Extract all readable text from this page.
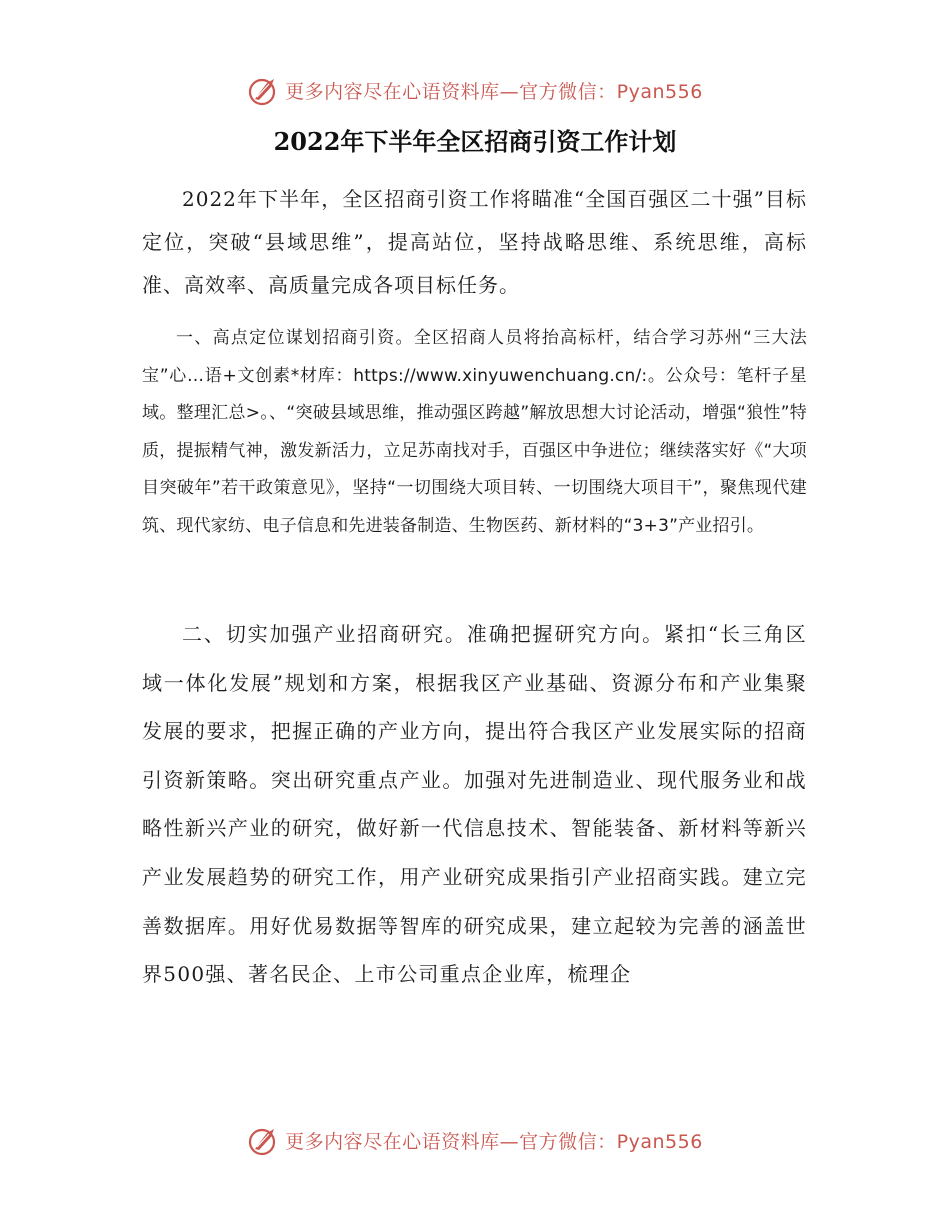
更多内容尽在心语资料库—官方微信：Pyan556
2022年下半年全区招商引资工作计划

2022年下半年，全区招商引资工作将瞄准“全国百强区二十强”目标定位，突破“县域思维”，提高站位，坚持战略思维、系统思维，高标准、高效率、高质量完成各项目标任务。

一、高点定位谋划招商引资。全区招商人员将抬高标杆，结合学习苏州“三大法宝”心…语+文创素*材库：https://www.xinyuwenchuang.cn/:。公众号：笔杆子星域。整理汇总>。、“突破县域思维，推动强区跨越”解放思想大讨论活动，增强“狼性”特质，提振精气神，激发新活力，立足苏南找对手，百强区中争进位；继续落实好《“大项目突破年”若干政策意见》，坚持“一切围绕大项目转、一切围绕大项目干”，聚焦现代建筑、现代家纺、电子信息和先进装备制造、生物医药、新材料的“3+3”产业招引。

二、切实加强产业招商研究。准确把握研究方向。紧扣“长三角区域一体化发展”规划和方案，根据我区产业基础、资源分布和产业集聚发展的要求，把握正确的产业方向，提出符合我区产业发展实际的招商引资新策略。突出研究重点产业。加强对先进制造业、现代服务业和战略性新兴产业的研究，做好新一代信息技术、智能装备、新材料等新兴产业发展趋势的研究工作，用产业研究成果指引产业招商实践。建立完善数据库。用好优易数据等智库的研究成果，建立起较为完善的涵盖世界500强、著名民企、上市公司重点企业库，梳理企

更多内容尽在心语资料库—官方微信：Pyan556
